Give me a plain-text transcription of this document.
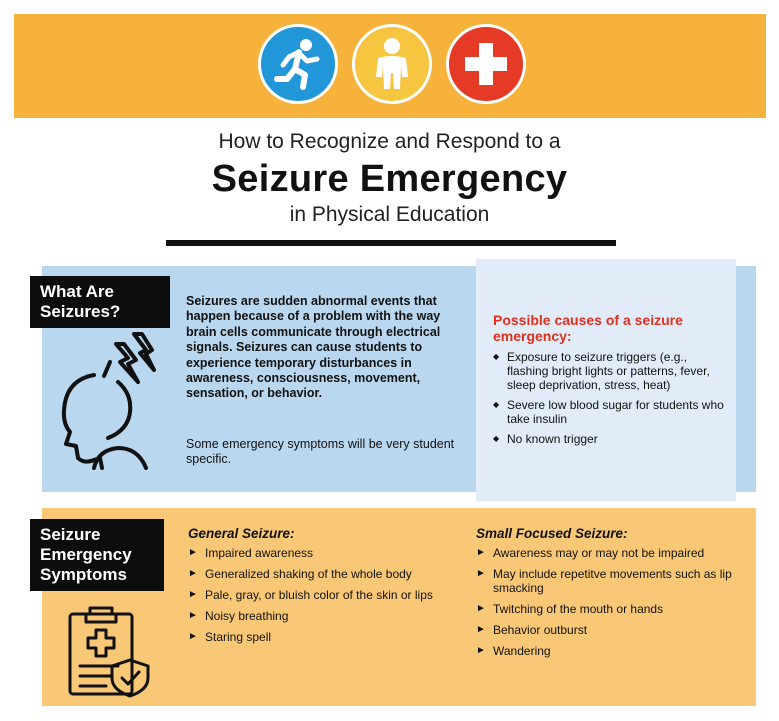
How to Recognize and Respond to a
Seizure Emergency
in Physical Education
What Are Seizures?
Seizures are sudden abnormal events that happen because of a problem with the way brain cells communicate through electrical signals. Seizures can cause students to experience temporary disturbances in awareness, consciousness, movement, sensation, or behavior.
Some emergency symptoms will be very student specific.
Possible causes of a seizure emergency:
◆ Exposure to seizure triggers (e.g., flashing bright lights or patterns, fever, sleep deprivation, stress, heat)
◆ Severe low blood sugar for students who take insulin
◆ No known trigger
Seizure Emergency Symptoms
General Seizure:
► Impaired awareness
► Generalized shaking of the whole body
► Pale, gray, or bluish color of the skin or lips
► Noisy breathing
► Staring spell
Small Focused Seizure:
► Awareness may or may not be impaired
► May include repetitve movements such as lip smacking
► Twitching of the mouth or hands
► Behavior outburst
► Wandering
